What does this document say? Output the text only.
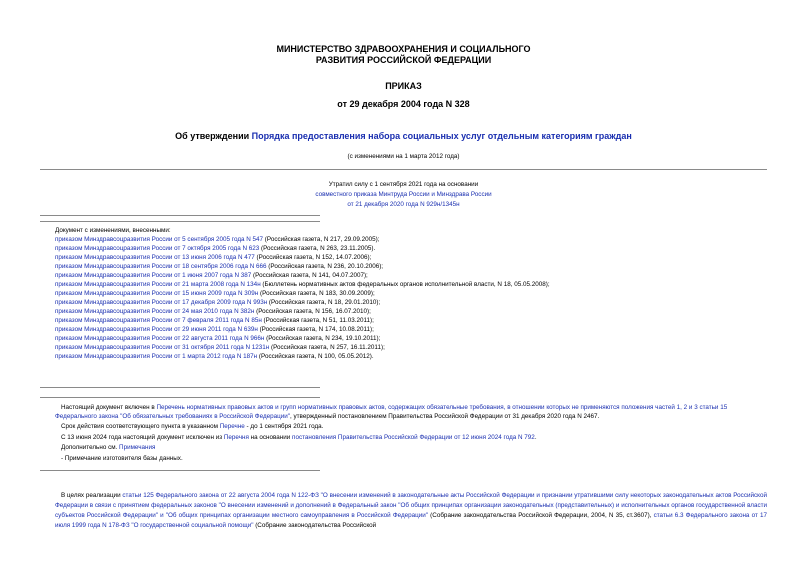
МИНИСТЕРСТВО ЗДРАВООХРАНЕНИЯ И СОЦИАЛЬНОГО
РАЗВИТИЯ РОССИЙСКОЙ ФЕДЕРАЦИИ
ПРИКАЗ
от 29 декабря 2004 года N 328
Об утверждении Порядка предоставления набора социальных услуг отдельным категориям граждан
(с изменениями на 1 марта 2012 года)
Утратил силу с 1 сентября 2021 года на основании
совместного приказа Минтруда России и Минздрава России
от 21 декабря 2020 года N 929н/1345н
Документ с изменениями, внесенными:
приказом Минздравсоцразвития России от 5 сентября 2005 года N 547 (Российская газета, N 217, 29.09.2005);
приказом Минздравсоцразвития России от 7 октября 2005 года N 623 (Российская газета, N 263, 23.11.2005).
приказом Минздравсоцразвития России от 13 июня 2006 года N 477 (Российская газета, N 152, 14.07.2006);
приказом Минздравсоцразвития России от 18 сентября 2006 года N 666 (Российская газета, N 236, 20.10.2006);
приказом Минздравсоцразвития России от 1 июня 2007 года N 387 (Российская газета, N 141, 04.07.2007);
приказом Минздравсоцразвития России от 21 марта 2008 года N 134н (Бюллетень нормативных актов федеральных органов исполнительной власти, N 18, 05.05.2008);
приказом Минздравсоцразвития России от 15 июня 2009 года N 309н (Российская газета, N 183, 30.09.2009);
приказом Минздравсоцразвития России от 17 декабря 2009 года N 993н (Российская газета, N 18, 29.01.2010);
приказом Минздравсоцразвития России от 24 мая 2010 года N 382н (Российская газета, N 156, 16.07.2010);
приказом Минздравсоцразвития России от 7 февраля 2011 года N 85н (Российская газета, N 51, 11.03.2011);
приказом Минздравсоцразвития России от 29 июня 2011 года N 639н (Российская газета, N 174, 10.08.2011);
приказом Минздравсоцразвития России от 22 августа 2011 года N 966н (Российская газета, N 234, 19.10.2011);
приказом Минздравсоцразвития России от 31 октября 2011 года N 1231н (Российская газета, N 257, 16.11.2011);
приказом Минздравсоцразвития России от 1 марта 2012 года N 187н (Российская газета, N 100, 05.05.2012).

Настоящий документ включен в Перечень нормативных правовых актов и групп нормативных правовых актов, содержащих обязательные требования, в отношении которых не применяются положения частей 1, 2 и 3 статьи 15 Федерального закона "Об обязательных требованиях в Российской Федерации", утвержденный постановлением Правительства Российской Федерации от 31 декабря 2020 года N 2467.

Срок действия соответствующего пункта в указанном Перечне - до 1 сентября 2021 года.

С 13 июня 2024 года настоящий документ исключен из Перечня на основании постановления Правительства Российской Федерации от 12 июня 2024 года N 792.

Дополнительно см. Примечания

- Примечание изготовителя базы данных.

В целях реализации статьи 125 Федерального закона от 22 августа 2004 года N 122-ФЗ "О внесении изменений в законодательные акты Российской Федерации и признании утратившими силу некоторых законодательных актов Российской Федерации в связи с принятием федеральных законов "О внесении изменений и дополнений в Федеральный закон "Об общих принципах организации законодательных (представительных) и исполнительных органов государственной власти субъектов Российской Федерации" и "Об общих принципах организации местного самоуправления в Российской Федерации" (Собрание законодательства Российской Федерации, 2004, N 35, ст.3607), статьи 6.3 Федерального закона от 17 июля 1999 года N 178-ФЗ "О государственной социальной помощи" (Собрание законодательства Российской
